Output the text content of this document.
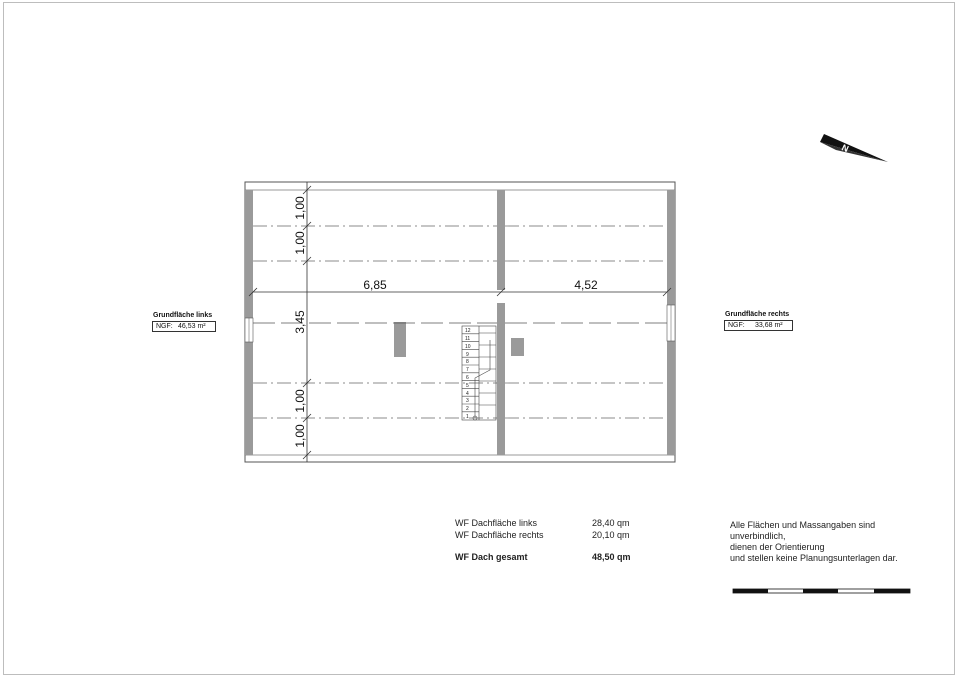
6,85	4,52
1,00
1,00
3,45
1,00
1,00
12
11
10
9
8
7
6
5
4
3
2
1
N
Grundfläche links
NGF: 46,53 m²
Grundfläche rechts
NGF: 33,68 m²
WF Dachfläche links	28,40 qm
WF Dachfläche rechts	20,10 qm
WF Dach gesamt	48,50 qm
Alle Flächen und Massangaben sind
unverbindlich,
dienen der Orientierung
und stellen keine Planungsunterlagen dar.
